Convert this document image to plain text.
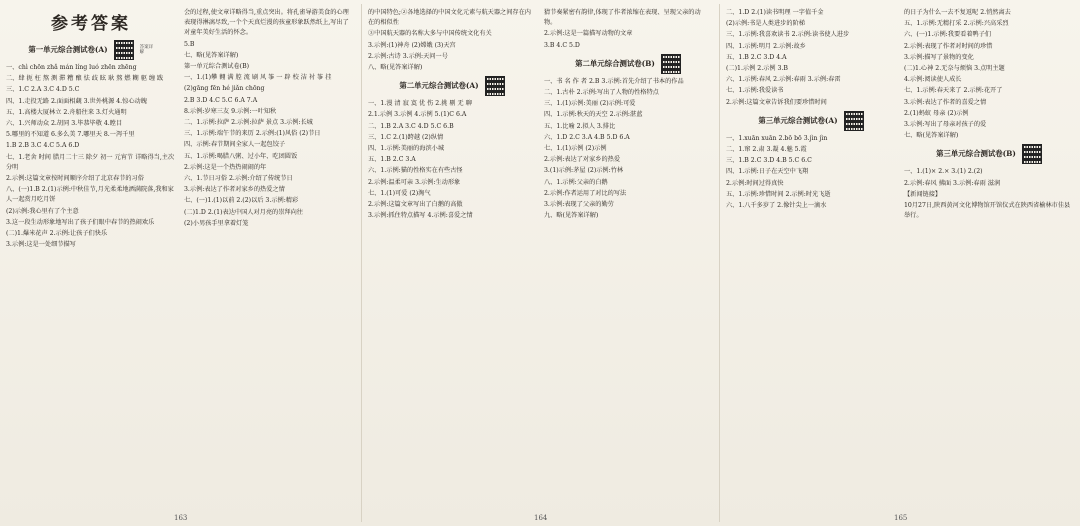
参考答案
第一单元综合测试卷(A)	答案详解

一、chì chōn zhǎ mán líng luó zhēn zhēng

二、肆 扼 枉 熬 测 滞 糟 酿 怯 歧 眩 耿 熬 燃 糊 驱 缠 跋

三、1.C 2.A 3.C 4.D 5.C

四、1.走投无路 2.面面相觑 3.世外桃源 4.惊心动魄

五、1.高楼大厦林立 2.舟船往来 3.灯火通明

六、1.兴师动众 2.胡同 3.毕恭毕敬 4.瞠目

5.哪里的不知道 6.多么美 7.哪里天 8.一泻千里

1.B 2.B 3.C 4.C 5.A 6.D

七、1.老舍 时间 腊月二十三 除夕 初一 元宵节 详略得当,主次分明

2.示例:这篇文章按时间顺序介绍了北京春节的习俗

八、(一)1.B 2.(1)示例:中秋佳节,月光柔柔地洒满院落,我和家人一起赏月吃月饼

(2)示例:我心里有了个主意

3.这一段生动形象地写出了孩子们眼中春节的热闹欢乐

(二)1.爆米花声 2.示例:让孩子们快乐

3.示例:这是一处细节描写

会的过程,使文章详略得当,重点突出。将孔雀导游美食的心理表现得淋漓尽致,一个个天真烂漫的孩童形象跃然纸上,写出了对童年美好生活的怀念。

5.B

七、略(见答案详解)

第一单元综合测试卷(B)

一、1.(1)攀 翱 满 腔 流 刷 风 筝 一 辟 校 洁 衬 筝 挂

(2)gāng fēn hé jiǎn chōng

2.B 3.D 4.C 5.C 6.A 7.A

8.示例:岁寒三友 9.示例:一叶知秋

二、1.示例:拉萨 2.示例:拉萨 景点 3.示例:长城

三、1.示例:端午节的来历 2.示例:(1)风俗 (2)节日

四、示例:春节期间全家人一起包饺子

五、1.示例:喝腊八粥、过小年、吃团圆饭

2.示例:这是一个热热闹闹的年

六、1.节日习俗 2.示例:介绍了传统节日

3.示例:表达了作者对家乡的热爱之情

七、(一)1.(1)以前 2.(2)以后 3.示例:精彩

(二)1.D 2.(1)表达中国人对月亮的崇拜向往

(2)小男孩手里拿着灯笼

163

的中国特色;②各地选择的中国文化元素与航天器之间存在内在的相似性

③中国航天器的名称大多与中国传统文化有关

3.示例:(1)神舟 (2)嫦娥 (3)天宫

2.示例:古诗 3.示例:天问一号

八、略(见答案详解)

第二单元综合测试卷(A)

一、1.漫 清 寂 寞 优 伤 2.挑 剔 无 聊

2.1.示例 3.示例 4.示例 5.(1)C 6.A

二、1.B 2.A 3.C 4.D 5.C 6.B

三、1.C 2.(1)跨越 (2)纵情

四、1.示例:美丽的海滨小城

五、1.B 2.C 3.A

六、1.示例:猫的性格实在有些古怪

2.示例:温柔可亲 3.示例:生动形象

七、1.(1)可爱 (2)淘气

2.示例:这篇文章写出了白鹅的高傲

3.示例:抓住特点描写 4.示例:喜爱之情

猜节奏紧密有韵律,体现了作者浓缩在表现、呈现父亲的动物。

2.示例:这是一篇描写动物的文章

3.B 4.C 5.D

第二单元综合测试卷(B)

一、书 名 作 者 2.B 3.示例:首先介绍了书本的作品

二、1.古朴 2.示例:写出了人物的性格特点

三、1.(1)示例:美丽 (2)示例:可爱

四、1.示例:秋天的天空 2.示例:湛蓝

五、1.比喻 2.拟人 3.排比

六、1.D 2.C 3.A 4.B 5.D 6.A

七、1.(1)示例 (2)示例

2.示例:表达了对家乡的热爱

3.(1)示例:茅屋 (2)示例:竹林

八、1.示例:父亲的白鹅

2.示例:作者运用了对比的写法

3.示例:表现了父亲的勤劳

九、略(见答案详解)

164

二、1.D 2.(1)读书明理 一字值千金

(2)示例:书是人类进步的阶梯

三、1.示例:我喜欢读书 2.示例:读书使人进步

四、1.示例:明月 2.示例:故乡

五、1.B 2.C 3.D 4.A

(二)1.示例 2.示例 3.B

六、1.示例:春风 2.示例:春雨 3.示例:春雷

七、1.示例:我爱读书

2.示例:这篇文章告诉我们要珍惜时间

第三单元综合测试卷(A)

一、1.xuān xuān 2.bō bō 3.jìn jìn

二、1.窜 2.肃 3.凝 4.魅 5.霞

三、1.B 2.C 3.D 4.B 5.C 6.C

四、1.示例:日子在天空中飞翔

2.示例:时间过得真快

五、1.示例:珍惜时间 2.示例:时光飞逝

六、1.八千多岁了 2.像针尖上一滴水

的日子为什么一去不复返呢 2.悄然离去

五、1.示例:无精打采 2.示例:兴高采烈

六、(一)1.示例:我要看着鸭子们

2.示例:表现了作者对时间的珍惜

3.示例:描写了景物的变化

(二)1.心神 2.无奈与烦恼 3.点明主题

4.示例:阅读使人成长

七、1.示例:春天来了 2.示例:花开了

3.示例:表达了作者的喜爱之情

2.(1)蚂蚁 母亲 (2)示例

3.示例:写出了母亲对孩子的爱

七、略(见答案详解)

第三单元综合测试卷(B)

一、1.(1)× 2.× 3.(1) 2.(2)

2.示例:春风 拂面 3.示例:春雨 滋润

【新闻链接】

10月27日,陕西黄河文化博物馆开馆仪式在陕西省榆林市佳县举行。

165
